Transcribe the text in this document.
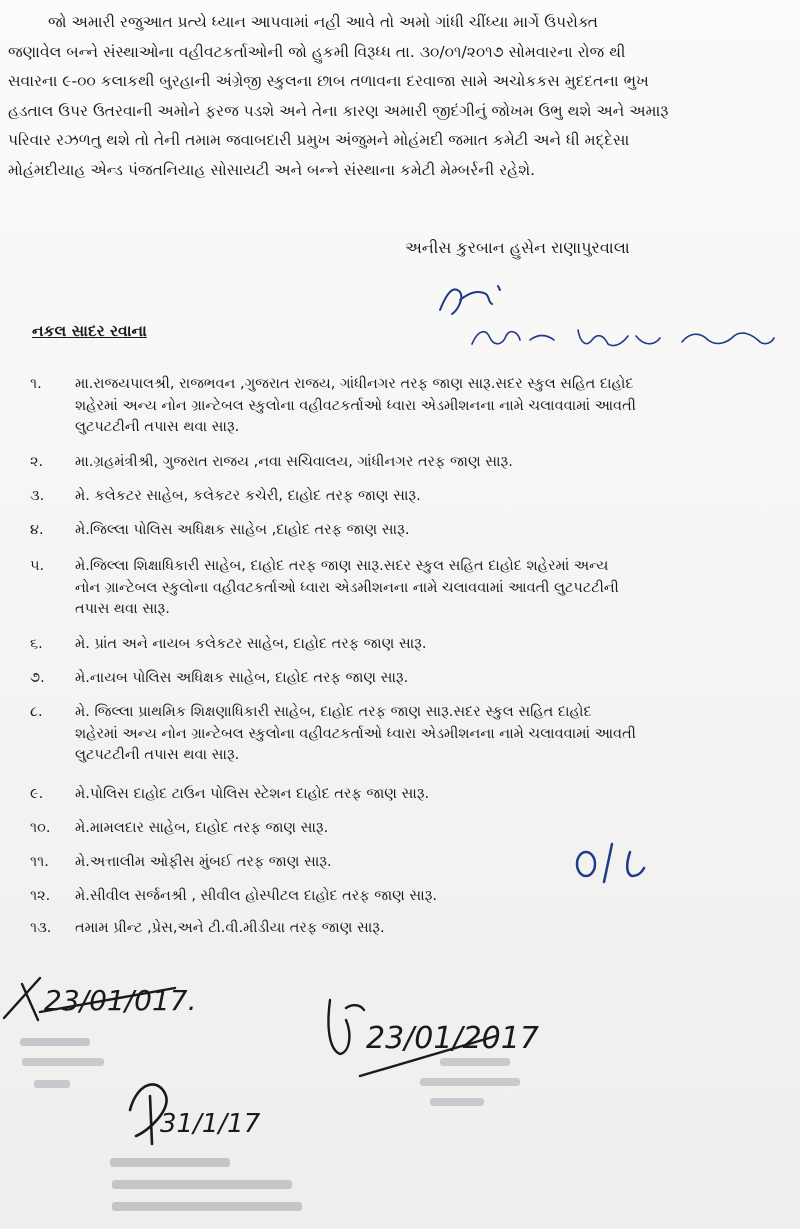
જો અમારી રજુઆત પ્રત્યે ધ્યાન આપવામાં નહી આવે તો અમો ગાંધી ચીંધ્યા માર્ગે ઉપરોક્ત
જણાવેલ બન્ને સંસ્થાઓના વહીવટકર્તાઓની જો હુકમી વિરૂધ્ધ તા. ૩૦/૦૧/૨૦૧૭ સોમવારના રોજ થી
સવારના ૯-૦૦ કલાકથી બુરહાની અંગ્રેજી સ્કુલના છાબ તળાવના દરવાજા સામે અચોકકસ મુદદતના ભુખ
હડતાલ ઉપર ઉતરવાની અમોને ફરજ પડશે અને તેના કારણ અમારી જીદંગીનું જોખમ ઉભુ થશે અને અમારૂ
પરિવાર રઝળતુ થશે તો તેની તમામ જવાબદારી પ્રમુખ અંજુમને મોહંમદી જમાત કમેટી અને ધી મદ્દેસા
મોહંમદીયાહ એન્ડ પંજતનિયાહ સોસાયટી અને બન્ને સંસ્થાના કમેટી મેમ્બર્રની રહેશે.

અનીસ કુરબાન હુસેન રાણાપુરવાલા

નકલ સાદર રવાના

૧.	મા.રાજયપાલશ્રી, રાજભવન ,ગુજરાત રાજય, ગાંધીનગર તરફ જાણ સારૂ.સદર સ્કુલ સહિત દાહોદ
શહેરમાં અન્ય નોન ગ્રાન્ટેબલ સ્કુલોના વહીવટકર્તાઓ ધ્વારા એડમીશનના નામે ચલાવવામાં આવતી
લુટપટટીની તપાસ થવા સારૂ.
૨.	મા.ગ્રહમંત્રીશ્રી, ગુજરાત રાજય ,નવા સચિવાલય, ગાંધીનગર તરફ જાણ સારૂ.
૩.	મે. કલેકટર સાહેબ, કલેકટર કચેરી, દાહોદ તરફ જાણ સારૂ.
૪.	મે.જિલ્લા પોલિસ અધિક્ષક સાહેબ ,દાહોદ તરફ જાણ સારૂ.
૫.	મે.જિલ્લા શિક્ષાધિકારી સાહેબ, દાહોદ તરફ જાણ સારૂ.સદર સ્કુલ સહિત દાહોદ શહેરમાં અન્ય
નોન ગ્રાન્ટેબલ સ્કુલોના વહીવટકર્તાઓ ધ્વારા એડમીશનના નામે ચલાવવામાં આવતી લુટપટટીની
તપાસ થવા સારૂ.
૬.	મે. પ્રાંત અને નાયબ કલેકટર સાહેબ, દાહોદ તરફ જાણ સારૂ.
૭.	મે.નાયબ પોલિસ અધિક્ષક સાહેબ, દાહોદ તરફ જાણ સારૂ.
૮.	મે. જિલ્લા પ્રાથમિક શિક્ષણાધિકારી સાહેબ, દાહોદ તરફ જાણ સારૂ.સદર સ્કુલ સહિત દાહોદ
શહેરમાં અન્ય નોન ગ્રાન્ટેબલ સ્કુલોના વહીવટકર્તાઓ ધ્વારા એડમીશનના નામે ચલાવવામાં આવતી
લુટપટટીની તપાસ થવા સારૂ.
૯.	મે.પોલિસ દાહોદ ટાઉન પોલિસ સ્ટેશન દાહોદ તરફ જાણ સારૂ.
૧૦.	મે.મામલદાર સાહેબ, દાહોદ તરફ જાણ સારૂ.
૧૧.	મે.અત્તાલીમ ઓફીસ મુંબઈ તરફ જાણ સારૂ.
૧૨.	મે.સીવીલ સર્જનશ્રી , સીવીલ હોસ્પીટલ દાહોદ તરફ જાણ સારૂ.
૧૩.	તમામ પ્રીન્ટ ,પ્રેસ,અને ટી.વી.મીડીયા તરફ જાણ સારૂ.
23/01/017.
23/01/2017
31/1/17
